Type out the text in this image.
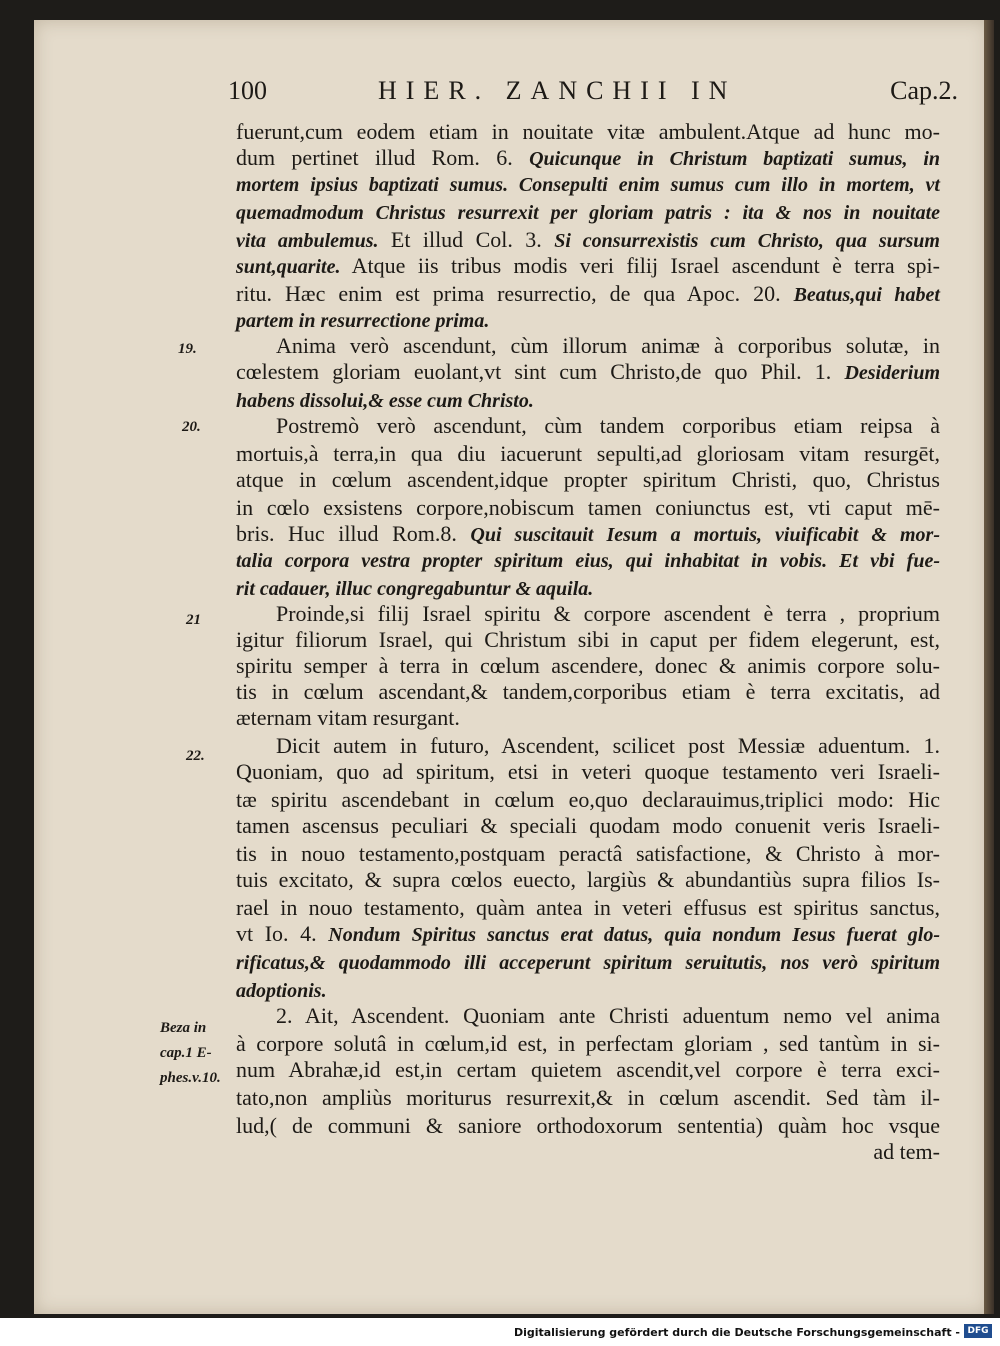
100	HIER. ZANCHII IN	Cap.2.
fuerunt,cum eodem etiam in nouitate vitæ ambulent.Atque ad hunc mo-
dum pertinet illud Rom. 6. Quicunque in Christum baptizati sumus, in
mortem ipsius baptizati sumus. Consepulti enim sumus cum illo in mortem, vt
quemadmodum Christus resurrexit per gloriam patris : ita & nos in nouitate
vita ambulemus. Et illud Col. 3. Si consurrexistis cum Christo, qua sursum
sunt,quarite. Atque iis tribus modis veri filij Israel ascendunt è terra spi-
ritu. Hæc enim est prima resurrectio, de qua Apoc. 20. Beatus,qui habet
partem in resurrectione prima.
Anima verò ascendunt, cùm illorum animæ à corporibus solutæ, in
cœlestem gloriam euolant,vt sint cum Christo,de quo Phil. 1. Desiderium
habens dissolui,& esse cum Christo.
Postremò verò ascendunt, cùm tandem corporibus etiam reipsa à
mortuis,à terra,in qua diu iacuerunt sepulti,ad gloriosam vitam resurgēt,
atque in cœlum ascendent,idque propter spiritum Christi, quo, Christus
in cœlo exsistens corpore,nobiscum tamen coniunctus est, vti caput mē-
bris. Huc illud Rom.8. Qui suscitauit Iesum a mortuis, viuificabit & mor-
talia corpora vestra propter spiritum eius, qui inhabitat in vobis. Et vbi fue-
rit cadauer, illuc congregabuntur & aquila.
Proinde,si filij Israel spiritu & corpore ascendent è terra , proprium
igitur filiorum Israel, qui Christum sibi in caput per fidem elegerunt, est,
spiritu semper à terra in cœlum ascendere, donec & animis corpore solu-
tis in cœlum ascendant,& tandem,corporibus etiam è terra excitatis, ad
æternam vitam resurgant.
Dicit autem in futuro, Ascendent, scilicet post Messiæ aduentum. 1.
Quoniam, quo ad spiritum, etsi in veteri quoque testamento veri Israeli-
tæ spiritu ascendebant in cœlum eo,quo declarauimus,triplici modo: Hic
tamen ascensus peculiari & speciali quodam modo conuenit veris Israeli-
tis in nouo testamento,postquam peractâ satisfactione, & Christo à mor-
tuis excitato, & supra cœlos euecto, largiùs & abundantiùs supra filios Is-
rael in nouo testamento, quàm antea in veteri effusus est spiritus sanctus,
vt Io. 4. Nondum Spiritus sanctus erat datus, quia nondum Iesus fuerat glo-
rificatus,& quodammodo illi acceperunt spiritum seruitutis, nos verò spiritum
adoptionis.
2. Ait, Ascendent. Quoniam ante Christi aduentum nemo vel anima
à corpore solutâ in cœlum,id est, in perfectam gloriam , sed tantùm in si-
num Abrahæ,id est,in certam quietem ascendit,vel corpore è terra exci-
tato,non ampliùs moriturus resurrexit,& in cœlum ascendit. Sed tàm il-
lud,( de communi & saniore orthodoxorum sententia) quàm hoc vsque
ad tem-
19.
20.
21
22.
Beza in
cap.1 E-
phes.v.10.
Digitalisierung gefördert durch die Deutsche Forschungsgemeinschaft - DFG
